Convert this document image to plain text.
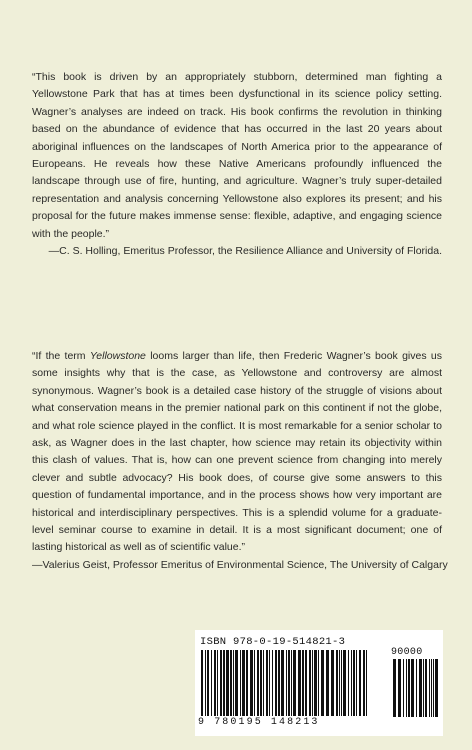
“This book is driven by an appropriately stubborn, determined man fighting a Yellowstone Park that has at times been dysfunctional in its science policy setting. Wagner’s analyses are indeed on track. His book confirms the revolution in thinking based on the abundance of evidence that has occurred in the last 20 years about aboriginal influences on the landscapes of North America prior to the appearance of Europeans. He reveals how these Native Americans profoundly influenced the landscape through use of fire, hunting, and agriculture. Wagner’s truly super-detailed representation and analysis concerning Yellowstone also explores its present; and his proposal for the future makes immense sense: flexible, adaptive, and engaging science with the people.”
—C. S. Holling, Emeritus Professor, the Resilience Alliance and University of Florida.
“If the term Yellowstone looms larger than life, then Frederic Wagner’s book gives us some insights why that is the case, as Yellowstone and controversy are almost synonymous. Wagner’s book is a detailed case history of the struggle of visions about what conservation means in the premier national park on this continent if not the globe, and what role science played in the conflict. It is most remarkable for a senior scholar to ask, as Wagner does in the last chapter, how science may retain its objectivity within this clash of values. That is, how can one prevent science from changing into merely clever and subtle advocacy? His book does, of course give some answers to this question of fundamental importance, and in the process shows how very important are historical and interdisciplinary perspectives. This is a splendid volume for a graduate-level seminar course to examine in detail. It is a most significant document; one of lasting historical as well as of scientific value.”
—Valerius Geist, Professor Emeritus of Environmental Science, The University of Calgary
ISBN 978-0-19-514821-3
90000
9 780195 148213
